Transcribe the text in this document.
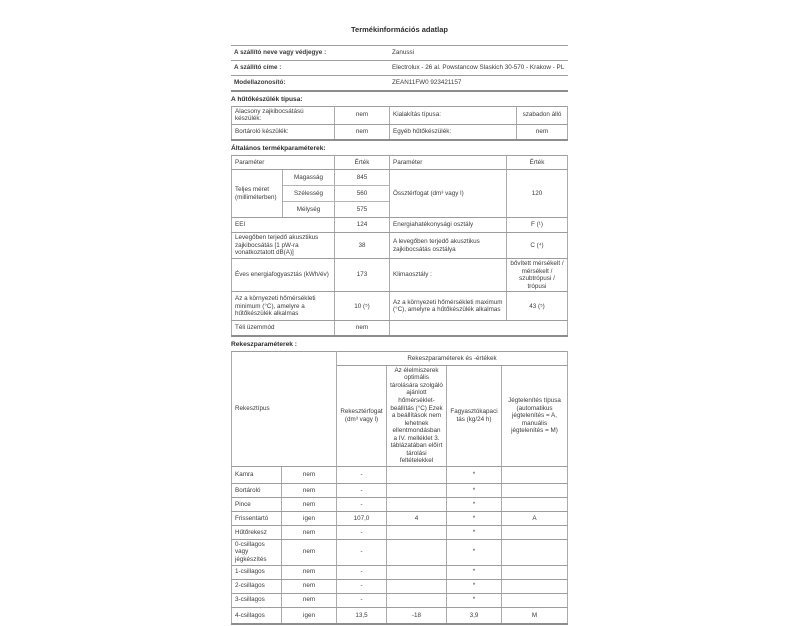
Termékinformációs adatlap
A szállító neve vagy védjegye :	Zanussi
A szállító címe :	Electrolux - 26 al. Powstancow Slaskich 30-570 - Krakow - PL
Modellazonosító:	ZEAN11FW0 923421157
A hűtőkészülék típusa:
Alacsony zajkibocsátású készülék:	nem	Kialakítás típusa:	szabadon álló
Bortároló készülék:	nem	Egyéb hűtőkészülék:	nem
Általános termékparaméterek:
Paraméter		Érték	Paraméter	Érték
Teljes méret (milliméterben)	Magasság	845	Össztérfogat (dm³ vagy l)	120
	Szélesség	560		
	Mélység	575		
EEI		124	Energiahatékonysági osztály	F (¹)
Levegőben terjedő akusztikus zajkibocsátás [1 pW-ra vonatkoztatott dB(A)]		38	A levegőben terjedő akusztikus zajkibocsátás osztálya	C (⁴)
Éves energiafogyasztás (kWh/év)		173	Klimaosztály :	bővített mérsékelt / mérsékelt / szubtrópusi / trópusi
Az a környezeti hőmérsékleti minimum (°C), amelyre a hűtőkészülék alkalmas		10 (⁵)	Az a környezeti hőmérsékleti maximum (°C), amelyre a hűtőkészülék alkalmas	43 (⁵)
Téli üzemmód		nem		
Rekeszparaméterek :
Rekesztípus		Rekeszparaméterek és -értékek			
		Rekesztérfogat (dm³ vagy l)	Az élelmiszerek optimális tárolására szolgáló ajánlott hőmérséklet-beállítás (°C) Ezek a beállítások nem lehetnek ellentmondásban a IV. melléklet 3. táblázatában előírt tárolási feltételekkel	Fagyasztókapacitás (kg/24 h)	Jégtelenítés típusa (automatikus jégtelenítés = A, manuális jégtelenítés = M)
Kamra	nem	-		*	
Bortároló	nem	-		*	
Pince	nem	-		*	
Frissentartó	igen	107,0	4	*	A
Hűtőrekesz	nem	-		*	
0-csillagos vagy jégkészítés	nem	-		*	
1-csillagos	nem	-		*	
2-csillagos	nem	-		*	
3-csillagos	nem	-		*	
4-csillagos	igen	13,5	-18	3,9	M
